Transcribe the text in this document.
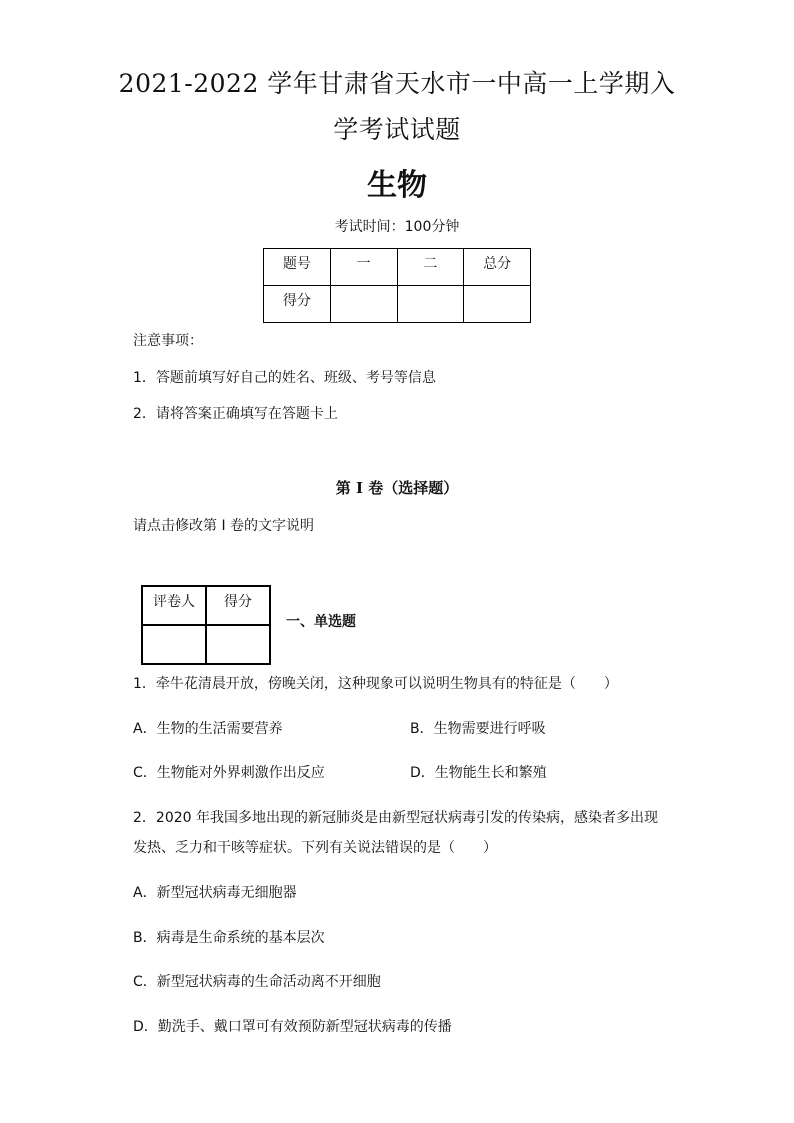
2021-2022 学年甘肃省天水市一中高一上学期入
学考试试题
生物
考试时间：100分钟
题号	一	二	总分
得分			
注意事项：
1．答题前填写好自己的姓名、班级、考号等信息
2．请将答案正确填写在答题卡上
第 I 卷（选择题）
请点击修改第 I 卷的文字说明
评卷人	得分

一、单选题
1．牵牛花清晨开放，傍晚关闭，这种现象可以说明生物具有的特征是（　　）
A．生物的生活需要营养	B．生物需要进行呼吸
C．生物能对外界刺激作出反应	D．生物能生长和繁殖
2．2020 年我国多地出现的新冠肺炎是由新型冠状病毒引发的传染病，感染者多出现
发热、乏力和干咳等症状。下列有关说法错误的是（　　）
A．新型冠状病毒无细胞器
B．病毒是生命系统的基本层次
C．新型冠状病毒的生命活动离不开细胞
D．勤洗手、戴口罩可有效预防新型冠状病毒的传播
